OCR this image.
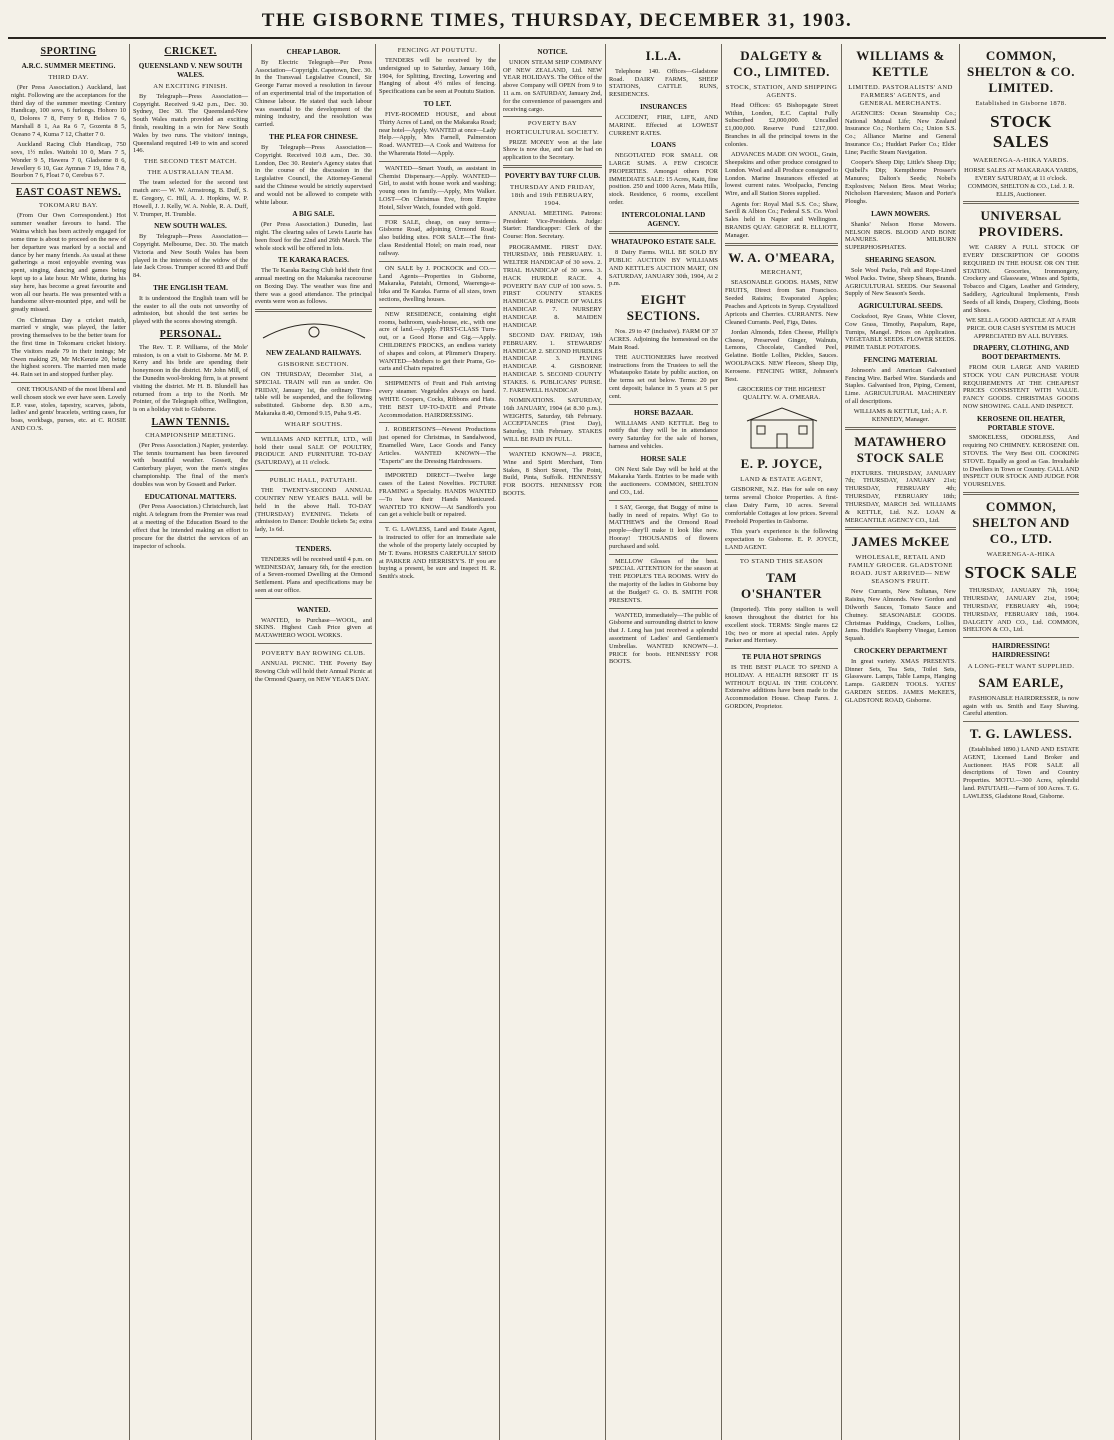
THE GISBORNE TIMES, THURSDAY, DECEMBER 31, 1903.
SPORTING
A.R.C. SUMMER MEETING.
THIRD DAY.

(Per Press Association.) Auckland, last night. Following are the acceptances for the third day of the summer meeting: Century Handicap, 100 sovs, 6 furlongs. Hohoro 10 0, Dolores 7 8, Ferry 9 8, Helios 7 6, Marshall 8 1, Aa Ra 6 7, Gozenta 8 5, Oceano 7 4, Kuma 7 12, Chatter 7 0.

Auckland Racing Club Handicap, 750 sovs, 1½ miles. Waitohi 10 0, Mars 7 5, Wonder 9 5, Hawera 7 0, Gladsome 8 6, Jewellery 6 10, Gaz Aymnas 7 19, Idea 7 8, Bourbon 7 6, Float 7 0, Cerebus 6 7.

EAST COAST NEWS.
TOKOMARU BAY.

(From Our Own Correspondent.) Hot summer weather favours to hand. The Waima which has been actively engaged for some time is about to proceed on the new of her departure was marked by a social and dance by her many friends. As usual at these gatherings a most enjoyable evening was spent, singing, dancing and games being kept up to a late hour. Mr White, during his stay here, has become a great favourite and won all our hearts. He was presented with a handsome silver-mounted pipe, and will be greatly missed.

On Christmas Day a cricket match, married v single, was played, the latter proving themselves to be the better team for the first time in Tokomaru cricket history. The visitors made 79 in their innings; Mr Owen making 29, Mr McKenzie 20, being the highest scorers. The married men made 44. Rain set in and stopped further play.

ONE THOUSAND of the most liberal and well chosen stock we ever have seen. Lovely E.P. vase, stoles, tapestry, scarves, jabots, ladies' and gents' bracelets, writing cases, fur boas, workbags, purses, etc. at C. ROSIE AND CO.'S.

CRICKET.
QUEENSLAND V. NEW SOUTH WALES.
AN EXCITING FINISH.

By Telegraph—Press Association—Copyright. Received 9.42 p.m., Dec. 30. Sydney, Dec 30. The Queensland-New South Wales match provided an exciting finish, resulting in a win for New South Wales by two runs. The visitors' innings, Queensland required 149 to win and scored 146.

THE SECOND TEST MATCH.
THE AUSTRALIAN TEAM.

The team selected for the second test match are:— W. W. Armstrong, B. Duff, S. E. Gregory, C. Hill, A. J. Hopkins, W. P. Howell, J. J. Kelly, W. A. Noble, R. A. Duff, V. Trumper, H. Trumble.

NEW SOUTH WALES.

By Telegraph—Press Association—Copyright. Melbourne, Dec. 30. The match Victoria and New South Wales has been played in the interests of the widow of the late Jack Cross. Trumper scored 83 and Duff 84.

THE ENGLISH TEAM.

It is understood the English team will be the easier to all the outs not unworthy of admission, but should the test series be played with the scores showing strength.

PERSONAL.

The Rev. T. P. Williams, of the Mole' mission, is on a visit to Gisborne. Mr M. P. Kerry and his bride are spending their honeymoon in the district. Mr John Mill, of the Dunedin wool-broking firm, is at present visiting the district. Mr H. B. Blundell has returned from a trip to the North. Mr Pointer, of the Telegraph office, Wellington, is on a holiday visit to Gisborne.

LAWN TENNIS.
CHAMPIONSHIP MEETING.

(Per Press Association.) Napier, yesterday. The tennis tournament has been favoured with beautiful weather. Gossett, the Canterbury player, won the men's singles championship. The final of the men's doubles was won by Gossett and Parker.

EDUCATIONAL MATTERS.

(Per Press Association.) Christchurch, last night. A telegram from the Premier was read at a meeting of the Education Board to the effect that he intended making an effort to procure for the district the services of an inspector of schools.

CHEAP LABOR.

By Electric Telegraph—Per Press Association—Copyright. Capetown, Dec. 30. In the Transvaal Legislative Council, Sir George Farrar moved a resolution in favour of an experimental trial of the importation of Chinese labour. He stated that such labour was essential to the development of the mining industry, and the resolution was carried.

THE PLEA FOR CHINESE.

By Telegraph—Press Association—Copyright. Received 10.8 a.m., Dec. 30. London, Dec 30. Reuter's Agency states that in the course of the discussion in the Legislative Council, the Attorney-General said the Chinese would be strictly supervised and would not be allowed to compete with white labour.

A BIG SALE.

(Per Press Association.) Dunedin, last night. The clearing sales of Lewis Laurie has been fixed for the 22nd and 26th March. The whole stock will be offered in lots.

TE KARAKA RACES.

The Te Karaka Racing Club held their first annual meeting on the Makaraka racecourse on Boxing Day. The weather was fine and there was a good attendance. The principal events were won as follows.

NEW ZEALAND RAILWAYS.
GISBORNE SECTION.

ON THURSDAY, December 31st, a SPECIAL TRAIN will run as under. On FRIDAY, January 1st, the ordinary Time-table will be suspended, and the following substituted. Gisborne dep. 8.30 a.m., Makaraka 8.40, Ormond 9.15, Puha 9.45.

WHARF SOUTHS.

WILLIAMS AND KETTLE, LTD., will hold their usual SALE OF POULTRY, PRODUCE AND FURNITURE TO-DAY (SATURDAY), at 11 o'clock.

PUBLIC HALL, PATUTAHI.

THE TWENTY-SECOND ANNUAL COUNTRY NEW YEAR'S BALL will be held in the above Hall. TO-DAY (THURSDAY) EVENING. Tickets of admission to Dance: Double tickets 5s; extra lady, 1s 6d.

TENDERS.

TENDERS will be received until 4 p.m. on WEDNESDAY, January 6th, for the erection of a Seven-roomed Dwelling at the Ormond Settlement. Plans and specifications may be seen at our office.

WANTED.

WANTED, to Purchase—WOOL, and SKINS. Highest Cash Price given at MATAWHERO WOOL WORKS.

POVERTY BAY ROWING CLUB.

ANNUAL PICNIC. THE Poverty Bay Rowing Club will hold their Annual Picnic at the Ormond Quarry, on NEW YEAR'S DAY.

FENCING AT POUTUTU.

TENDERS will be received by the undersigned up to Saturday, January 16th, 1904, for Splitting, Erecting, Lowering and Hanging of about 4½ miles of fencing. Specifications can be seen at Poututu Station.

TO LET.

FIVE-ROOMED HOUSE, and about Thirty Acres of Land, on the Makaraka Road; near hotel—Apply. WANTED at once—Lady Help.—Apply, Mrs Farnell, Palmerston Road. WANTED—A Cook and Waitress for the Wharerata Hotel—Apply.

WANTED—Smart Youth, as assistant in Chemist Dispensary.—Apply. WANTED—Girl, to assist with house work and washing; young ones in family.—Apply, Mrs Walker. LOST—On Christmas Eve, from Empire Hotel, Silver Watch, founded with gold.

FOR SALE, cheap, on easy terms—Gisborne Road, adjoining Ormond Road; also building sites. FOR SALE—The first-class Residential Hotel; on main road, near railway.

ON SALE by J. POCKOCK and CO.—Land Agents—Properties in Gisborne, Makaraka, Patutahi, Ormond, Waerenga-a-hika and Te Karaka. Farms of all sizes, town sections, dwelling houses.

NEW RESIDENCE, containing eight rooms, bathroom, wash-house, etc., with one acre of land.—Apply. FIRST-CLASS Turn-out, or a Good Horse and Gig.—Apply. CHILDREN'S FROCKS, an endless variety of shapes and colors, at Plimmer's Drapery. WANTED—Mothers to get their Prams, Go-carts and Chairs repaired.

SHIPMENTS of Fruit and Fish arriving every steamer. Vegetables always on hand. WHITE Coopers, Cocks, Ribbons and Hats. THE BEST UP-TO-DATE and Private Accommodation. HAIRDRESSING.

J. ROBERTSON'S—Newest Productions just opened for Christmas, in Sandalwood, Enamelled Ware, Lace Goods and Fancy Articles. WANTED KNOWN—The "Experts" are the Dressing Hairdressers.

IMPORTED DIRECT—Twelve large cases of the Latest Novelties. PICTURE FRAMING a Specialty. HANDS WANTED—To have their Hands Manicured. WANTED TO KNOW—At Sandford's you can get a vehicle built or repaired.

T. G. LAWLESS, Land and Estate Agent, is instructed to offer for an immediate sale the whole of the property lately occupied by Mr T. Evans. HORSES CAREFULLY SHOD at PARKER AND HERRISEY'S. IF you are buying a present, be sure and inspect H. R. Smith's stock.

NOTICE.

UNION STEAM SHIP COMPANY OF NEW ZEALAND, Ltd. NEW YEAR HOLIDAYS. The Office of the above Company will OPEN from 9 to 11 a.m. on SATURDAY, January 2nd, for the convenience of passengers and receiving cargo.

POVERTY BAY HORTICULTURAL SOCIETY.

PRIZE MONEY won at the late Show is now due, and can be had on application to the Secretary.

POVERTY BAY TURF CLUB.
THURSDAY AND FRIDAY, 18th and 19th FEBRUARY, 1904.

ANNUAL MEETING. Patrons: President: Vice-Presidents. Judge: Starter: Handicapper: Clerk of the Course: Hon. Secretary.

PROGRAMME. FIRST DAY. THURSDAY, 18th FEBRUARY. 1. WELTER HANDICAP of 30 sovs. 2. TRIAL HANDICAP of 30 sovs. 3. HACK HURDLE RACE. 4. POVERTY BAY CUP of 100 sovs. 5. FIRST COUNTY STAKES HANDICAP. 6. PRINCE OF WALES HANDICAP. 7. NURSERY HANDICAP. 8. MAIDEN HANDICAP.

SECOND DAY. FRIDAY, 19th FEBRUARY. 1. STEWARDS' HANDICAP. 2. SECOND HURDLES HANDICAP. 3. FLYING HANDICAP. 4. GISBORNE HANDICAP. 5. SECOND COUNTY STAKES. 6. PUBLICANS' PURSE. 7. FAREWELL HANDICAP.

NOMINATIONS. SATURDAY, 16th JANUARY, 1904 (at 8.30 p.m.). WEIGHTS, Saturday, 6th February. ACCEPTANCES (First Day), Saturday, 13th February. STAKES WILL BE PAID IN FULL.

WANTED KNOWN—J. PRICE, Wine and Spirit Merchant, Tom Stakes, 8 Short Street, The Point, Build, Pinta, Suffolk. HENNESSY FOR BOOTS. HENNESSY FOR BOOTS.

I.L.A.

Telephone 140. Offices—Gladstone Road. DAIRY FARMS, SHEEP STATIONS, CATTLE RUNS, RESIDENCES.

INSURANCES

ACCIDENT, FIRE, LIFE, AND MARINE. Effected at LOWEST CURRENT RATES.

LOANS

NEGOTIATED FOR SMALL OR LARGE SUMS. A FEW CHOICE PROPERTIES. Amongst others FOR IMMEDIATE SALE: 15 Acres, Kaiti, fine position. 250 and 1000 Acres, Mata Hills, stock. Residence, 6 rooms, excellent order.

INTERCOLONIAL LAND AGENCY.
WHATAUPOKO ESTATE SALE.

8 Dairy Farms. WILL BE SOLD BY PUBLIC AUCTION BY WILLIAMS AND KETTLE'S AUCTION MART, ON SATURDAY, JANUARY 30th, 1904, At 2 p.m.

EIGHT SECTIONS.

Nos. 29 to 47 (inclusive). FARM OF 37 ACRES. Adjoining the homestead on the Main Road.

THE AUCTIONEERS have received instructions from the Trustees to sell the Whataupoko Estate by public auction, on the terms set out below. Terms: 20 per cent deposit; balance in 5 years at 5 per cent.

HORSE BAZAAR.

WILLIAMS AND KETTLE. Beg to notify that they will be in attendance every Saturday for the sale of horses, harness and vehicles.

HORSE SALE

ON Next Sale Day will be held at the Makaraka Yards. Entries to be made with the auctioneers. COMMON, SHELTON and CO., Ltd.

I SAY, George, that Buggy of mine is badly in need of repairs. Why! Go to MATTHEWS and the Ormond Road people—they'll make it look like new. Hooray! THOUSANDS of flowers purchased and sold.

MELLOW Glosses of the best. SPECIAL ATTENTION for the season at THE PEOPLE'S TEA ROOMS. WHY do the majority of the ladies in Gisborne buy at the Budget? G. O. B. SMITH FOR PRESENTS.

WANTED, immediately—The public of Gisborne and surrounding district to know that J. Long has just received a splendid assortment of Ladies' and Gentlemen's Umbrellas. WANTED KNOWN—J. PRICE for boots. HENNESSY FOR BOOTS.

DALGETY & CO., LIMITED.
STOCK, STATION, AND SHIPPING AGENTS.

Head Offices: 65 Bishopsgate Street Within, London, E.C. Capital Fully Subscribed £2,000,000. Uncalled £1,000,000. Reserve Fund £217,000. Branches in all the principal towns in the colonies.

ADVANCES MADE ON WOOL, Grain, Sheepskins and other produce consigned to London. Wool and all Produce consigned to London. Marine Insurances effected at lowest current rates. Woolpacks, Fencing Wire, and all Station Stores supplied.

Agents for: Royal Mail S.S. Co.; Shaw, Savill & Albion Co.; Federal S.S. Co. Wool Sales held in Napier and Wellington. BRANDS QUAY. GEORGE R. ELLIOTT, Manager.

W. A. O'MEARA,
MERCHANT,

SEASONABLE GOODS. HAMS, NEW FRUITS, Direct from San Francisco. Seeded Raisins; Evaporated Apples; Peaches and Apricots in Syrup. Crystallized Apricots and Cherries. CURRANTS. New Cleaned Currants. Peel, Figs, Dates.

Jordan Almonds, Eden Cheese, Phillip's Cheese, Preserved Ginger, Walnuts, Lemons, Chocolate, Candied Peel, Gelatine. Bottle Lollies, Pickles, Sauces. WOOLPACKS. NEW Fleeces, Sheep Dip, Kerosene. FENCING WIRE, Johnson's Best.

GROCERIES OF THE HIGHEST QUALITY. W. A. O'MEARA.

E. P. JOYCE,
LAND & ESTATE AGENT,

GISBORNE, N.Z. Has for sale on easy terms several Choice Properties. A first-class Dairy Farm, 10 acres. Several comfortable Cottages at low prices. Several Freehold Properties in Gisborne.

This year's experience is the following expectation to Gisborne. E. P. JOYCE, LAND AGENT.

TO STAND THIS SEASON
TAM O'SHANTER

(Imported). This pony stallion is well known throughout the district for his excellent stock. TERMS: Single mares £2 10s; two or more at special rates. Apply Parker and Herrisey.

TE PUIA HOT SPRINGS

IS THE BEST PLACE TO SPEND A HOLIDAY. A HEALTH RESORT IT IS WITHOUT EQUAL IN THE COLONY. Extensive additions have been made to the Accommodation House. Cheap Fares. J. GORDON, Proprietor.

WILLIAMS & KETTLE
LIMITED. PASTORALISTS' AND FARMERS' AGENTS, and GENERAL MERCHANTS.

AGENCIES: Ocean Steamship Co.; National Mutual Life; New Zealand Insurance Co.; Northern Co.; Union S.S. Co.; Alliance Marine and General Insurance Co.; Huddart Parker Co.; Elder Line; Pacific Steam Navigation.

Cooper's Sheep Dip; Little's Sheep Dip; Quibell's Dip; Kempthorne Prosser's Manures; Dalton's Seeds; Nobel's Explosives; Nelson Bros. Meat Works; Nicholson Harvesters; Mason and Porter's Ploughs.

LAWN MOWERS.

Shanks' Nelson Horse Mowers. NELSON BROS. BLOOD AND BONE MANURES. MILBURN SUPERPHOSPHATES.

SHEARING SEASON.

Sole Wool Packs, Felt and Rope-Lined Wool Packs. Twine, Sheep Shears, Brands. AGRICULTURAL SEEDS. Our Seasonal Supply of New Season's Seeds.

AGRICULTURAL SEEDS.

Cocksfoot, Rye Grass, White Clover, Cow Grass, Timothy, Paspalum, Rape, Turnips, Mangel. Prices on Application. VEGETABLE SEEDS. FLOWER SEEDS. PRIME TABLE POTATOES.

FENCING MATERIAL

Johnson's and American Galvanised Fencing Wire. Barbed Wire. Standards and Staples. Galvanised Iron, Piping, Cement, Lime. AGRICULTURAL MACHINERY of all descriptions.

WILLIAMS & KETTLE, Ltd.; A. F. KENNEDY, Manager.

MATAWHERO STOCK SALE

FIXTURES. THURSDAY, JANUARY 7th; THURSDAY, JANUARY 21st; THURSDAY, FEBRUARY 4th; THURSDAY, FEBRUARY 18th; THURSDAY, MARCH 3rd. WILLIAMS & KETTLE, Ltd. N.Z. LOAN & MERCANTILE AGENCY CO., Ltd.

JAMES McKEE
WHOLESALE, RETAIL AND FAMILY GROCER. GLADSTONE ROAD. JUST ARRIVED— NEW SEASON'S FRUIT.

New Currants, New Sultanas, New Raisins, New Almonds. New Gordon and Dilworth Sauces, Tomato Sauce and Chutney. SEASONABLE GOODS. Christmas Puddings, Crackers, Lollies, Jams. Huddle's Raspberry Vinegar, Lemon Squash.

CROCKERY DEPARTMENT

In great variety. XMAS PRESENTS. Dinner Sets, Tea Sets, Toilet Sets, Glassware. Lamps, Table Lamps, Hanging Lamps. GARDEN TOOLS. YATES' GARDEN SEEDS. JAMES McKEE'S, GLADSTONE ROAD, Gisborne.

COMMON, SHELTON & CO. LIMITED.
Established in Gisborne 1878.
STOCK SALES
WAERENGA-A-HIKA YARDS.

HORSE SALES AT MAKARAKA YARDS, EVERY SATURDAY, at 11 o'clock. COMMON, SHELTON & CO., Ltd. J. R. ELLIS, Auctioneer.

UNIVERSAL PROVIDERS.

WE CARRY A FULL STOCK OF EVERY DESCRIPTION OF GOODS REQUIRED IN THE HOUSE OR ON THE STATION. Groceries, Ironmongery, Crockery and Glassware, Wines and Spirits, Tobacco and Cigars, Leather and Grindery, Saddlery, Agricultural Implements, Fresh Seeds of all kinds, Drapery, Clothing, Boots and Shoes.

WE SELL A GOOD ARTICLE AT A FAIR PRICE. OUR CASH SYSTEM IS MUCH APPRECIATED BY ALL BUYERS.

DRAPERY, CLOTHING, AND BOOT DEPARTMENTS.

FROM OUR LARGE AND VARIED STOCK YOU CAN PURCHASE YOUR REQUIREMENTS AT THE CHEAPEST PRICES CONSISTENT WITH VALUE. FANCY GOODS. CHRISTMAS GOODS NOW SHOWING. CALL AND INSPECT.

KEROSENE OIL HEATER, PORTABLE STOVE.

SMOKELESS, ODORLESS, And requiring NO CHIMNEY. KEROSENE OIL STOVES. The Very Best OIL COOKING STOVE. Equally as good as Gas. Invaluable to Dwellers in Town or Country. CALL AND INSPECT OUR STOCK AND JUDGE FOR YOURSELVES.

COMMON, SHELTON AND CO., LTD.
WAERENGA-A-HIKA
STOCK SALE

THURSDAY, JANUARY 7th, 1904; THURSDAY, JANUARY 21st, 1904; THURSDAY, FEBRUARY 4th, 1904; THURSDAY, FEBRUARY 18th, 1904. DALGETY AND CO., Ltd. COMMON, SHELTON & CO., Ltd.

HAIRDRESSING! HAIRDRESSING!
A LONG-FELT WANT SUPPLIED.
SAM EARLE,

FASHIONABLE HAIRDRESSER, is now again with us. Smith and Easy Shaving. Careful attention.

T. G. LAWLESS.

(Established 1890.) LAND AND ESTATE AGENT, Licensed Land Broker and Auctioneer. HAS FOR SALE all descriptions of Town and Country Properties. MOTU.—300 Acres, splendid land. PATUTAHI.—Farm of 100 Acres. T. G. LAWLESS, Gladstone Road, Gisborne.
